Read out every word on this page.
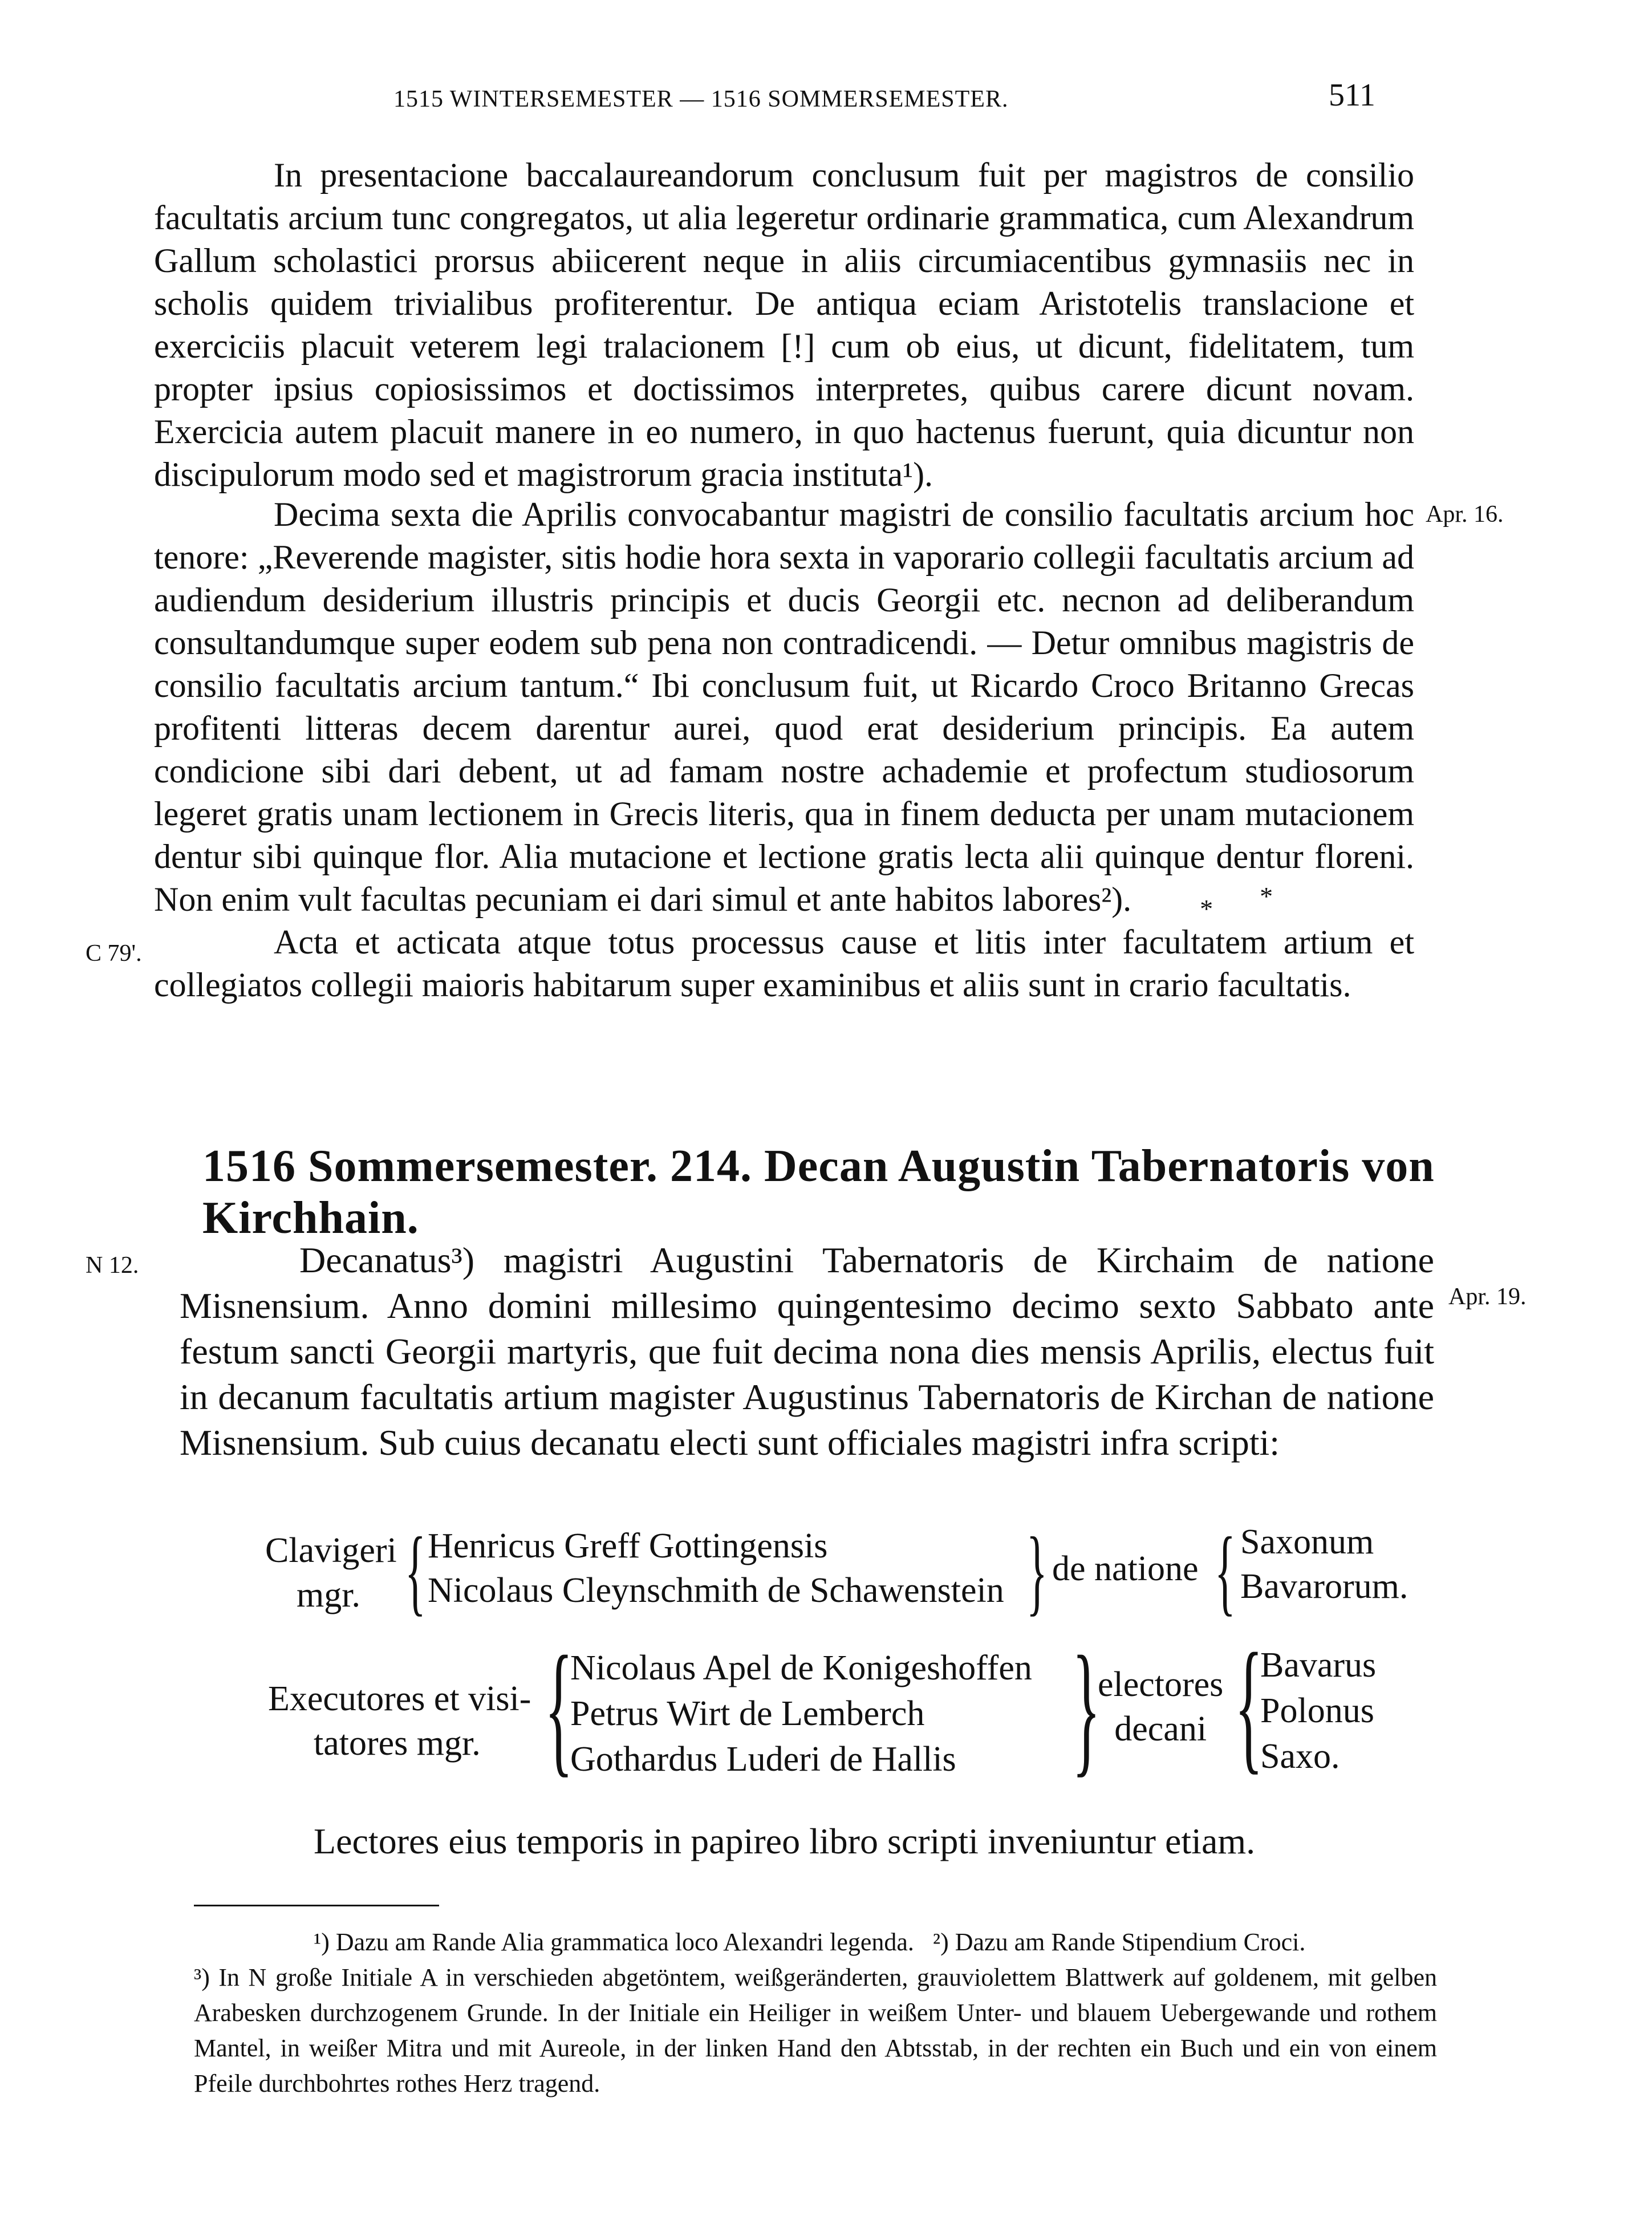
1515 WINTERSEMESTER — 1516 SOMMERSEMESTER.	511

In presentacione baccalaureandorum conclusum fuit per magistros de consilio facultatis arcium tunc congregatos, ut alia legeretur ordinarie grammatica, cum Alexandrum Gallum scholastici prorsus abiicerent neque in aliis circumiacentibus gymnasiis nec in scholis quidem trivialibus profiterentur. De antiqua eciam Aristotelis translacione et exerciciis placuit veterem legi tralacionem [!] cum ob eius, ut dicunt, fidelitatem, tum propter ipsius copiosissimos et doctissimos interpretes, quibus carere dicunt novam. Exercicia autem placuit manere in eo numero, in quo hactenus fuerunt, quia dicuntur non discipulorum modo sed et magistrorum gracia instituta¹).

Decima sexta die Aprilis convocabantur magistri de consilio facultatis arcium hoc tenore: „Reverende magister, sitis hodie hora sexta in vaporario collegii facultatis arcium ad audiendum desiderium illustris principis et ducis Georgii etc. necnon ad deliberandum consultandumque super eodem sub pena non contradicendi. — Detur omnibus magistris de consilio facultatis arcium tantum.“ Ibi conclusum fuit, ut Ricardo Croco Britanno Grecas profitenti litteras decem darentur aurei, quod erat desiderium principis. Ea autem condicione sibi dari debent, ut ad famam nostre achademie et profectum studiosorum legeret gratis unam lectionem in Grecis literis, qua in finem deducta per unam mutacionem dentur sibi quinque flor. Alia mutacione et lectione gratis lecta alii quinque dentur floreni. Non enim vult facultas pecuniam ei dari simul et ante habitos labores²).	*
*

Apr. 16.

Acta et acticata atque totus processus cause et litis inter facultatem artium et collegiatos collegii maioris habitarum super examinibus et aliis sunt in crario facultatis.

C 79'.
1516 Sommersemester. 214. Decan Augustin Tabernatoris von Kirchhain.

Decanatus³) magistri Augustini Tabernatoris de Kirchaim de natione Misnensium. Anno domini millesimo quingentesimo decimo sexto Sabbato ante festum sancti Georgii martyris, que fuit decima nona dies mensis Aprilis, electus fuit in decanum facultatis artium magister Augustinus Tabernatoris de Kirchan de natione Misnensium. Sub cuius decanatu electi sunt officiales magistri infra scripti:

N 12.
Apr. 19.
Clavigeri
mgr. { Henricus Greff Gottingensis
Nicolaus Cleynschmith de Schawenstein } de natione { Saxonum
Bavarorum.
Executores et visi-
tatores mgr. {
Nicolaus Apel de Konigeshoffen
Petrus Wirt de Lemberch
Gothardus Luderi de Hallis }
electores
decani {
Bavarus
Polonus
Saxo.
Lectores eius temporis in papireo libro scripti inveniuntur etiam.

¹) Dazu am Rande Alia grammatica loco Alexandri legenda. ²) Dazu am Rande Stipendium Croci.

³) In N große Initiale A in verschieden abgetöntem, weißgeränderten, grauviolettem Blattwerk auf goldenem, mit gelben Arabesken durchzogenem Grunde. In der Initiale ein Heiliger in weißem Unter- und blauem Uebergewande und rothem Mantel, in weißer Mitra und mit Aureole, in der linken Hand den Abtsstab, in der rechten ein Buch und ein von einem Pfeile durchbohrtes rothes Herz tragend.
